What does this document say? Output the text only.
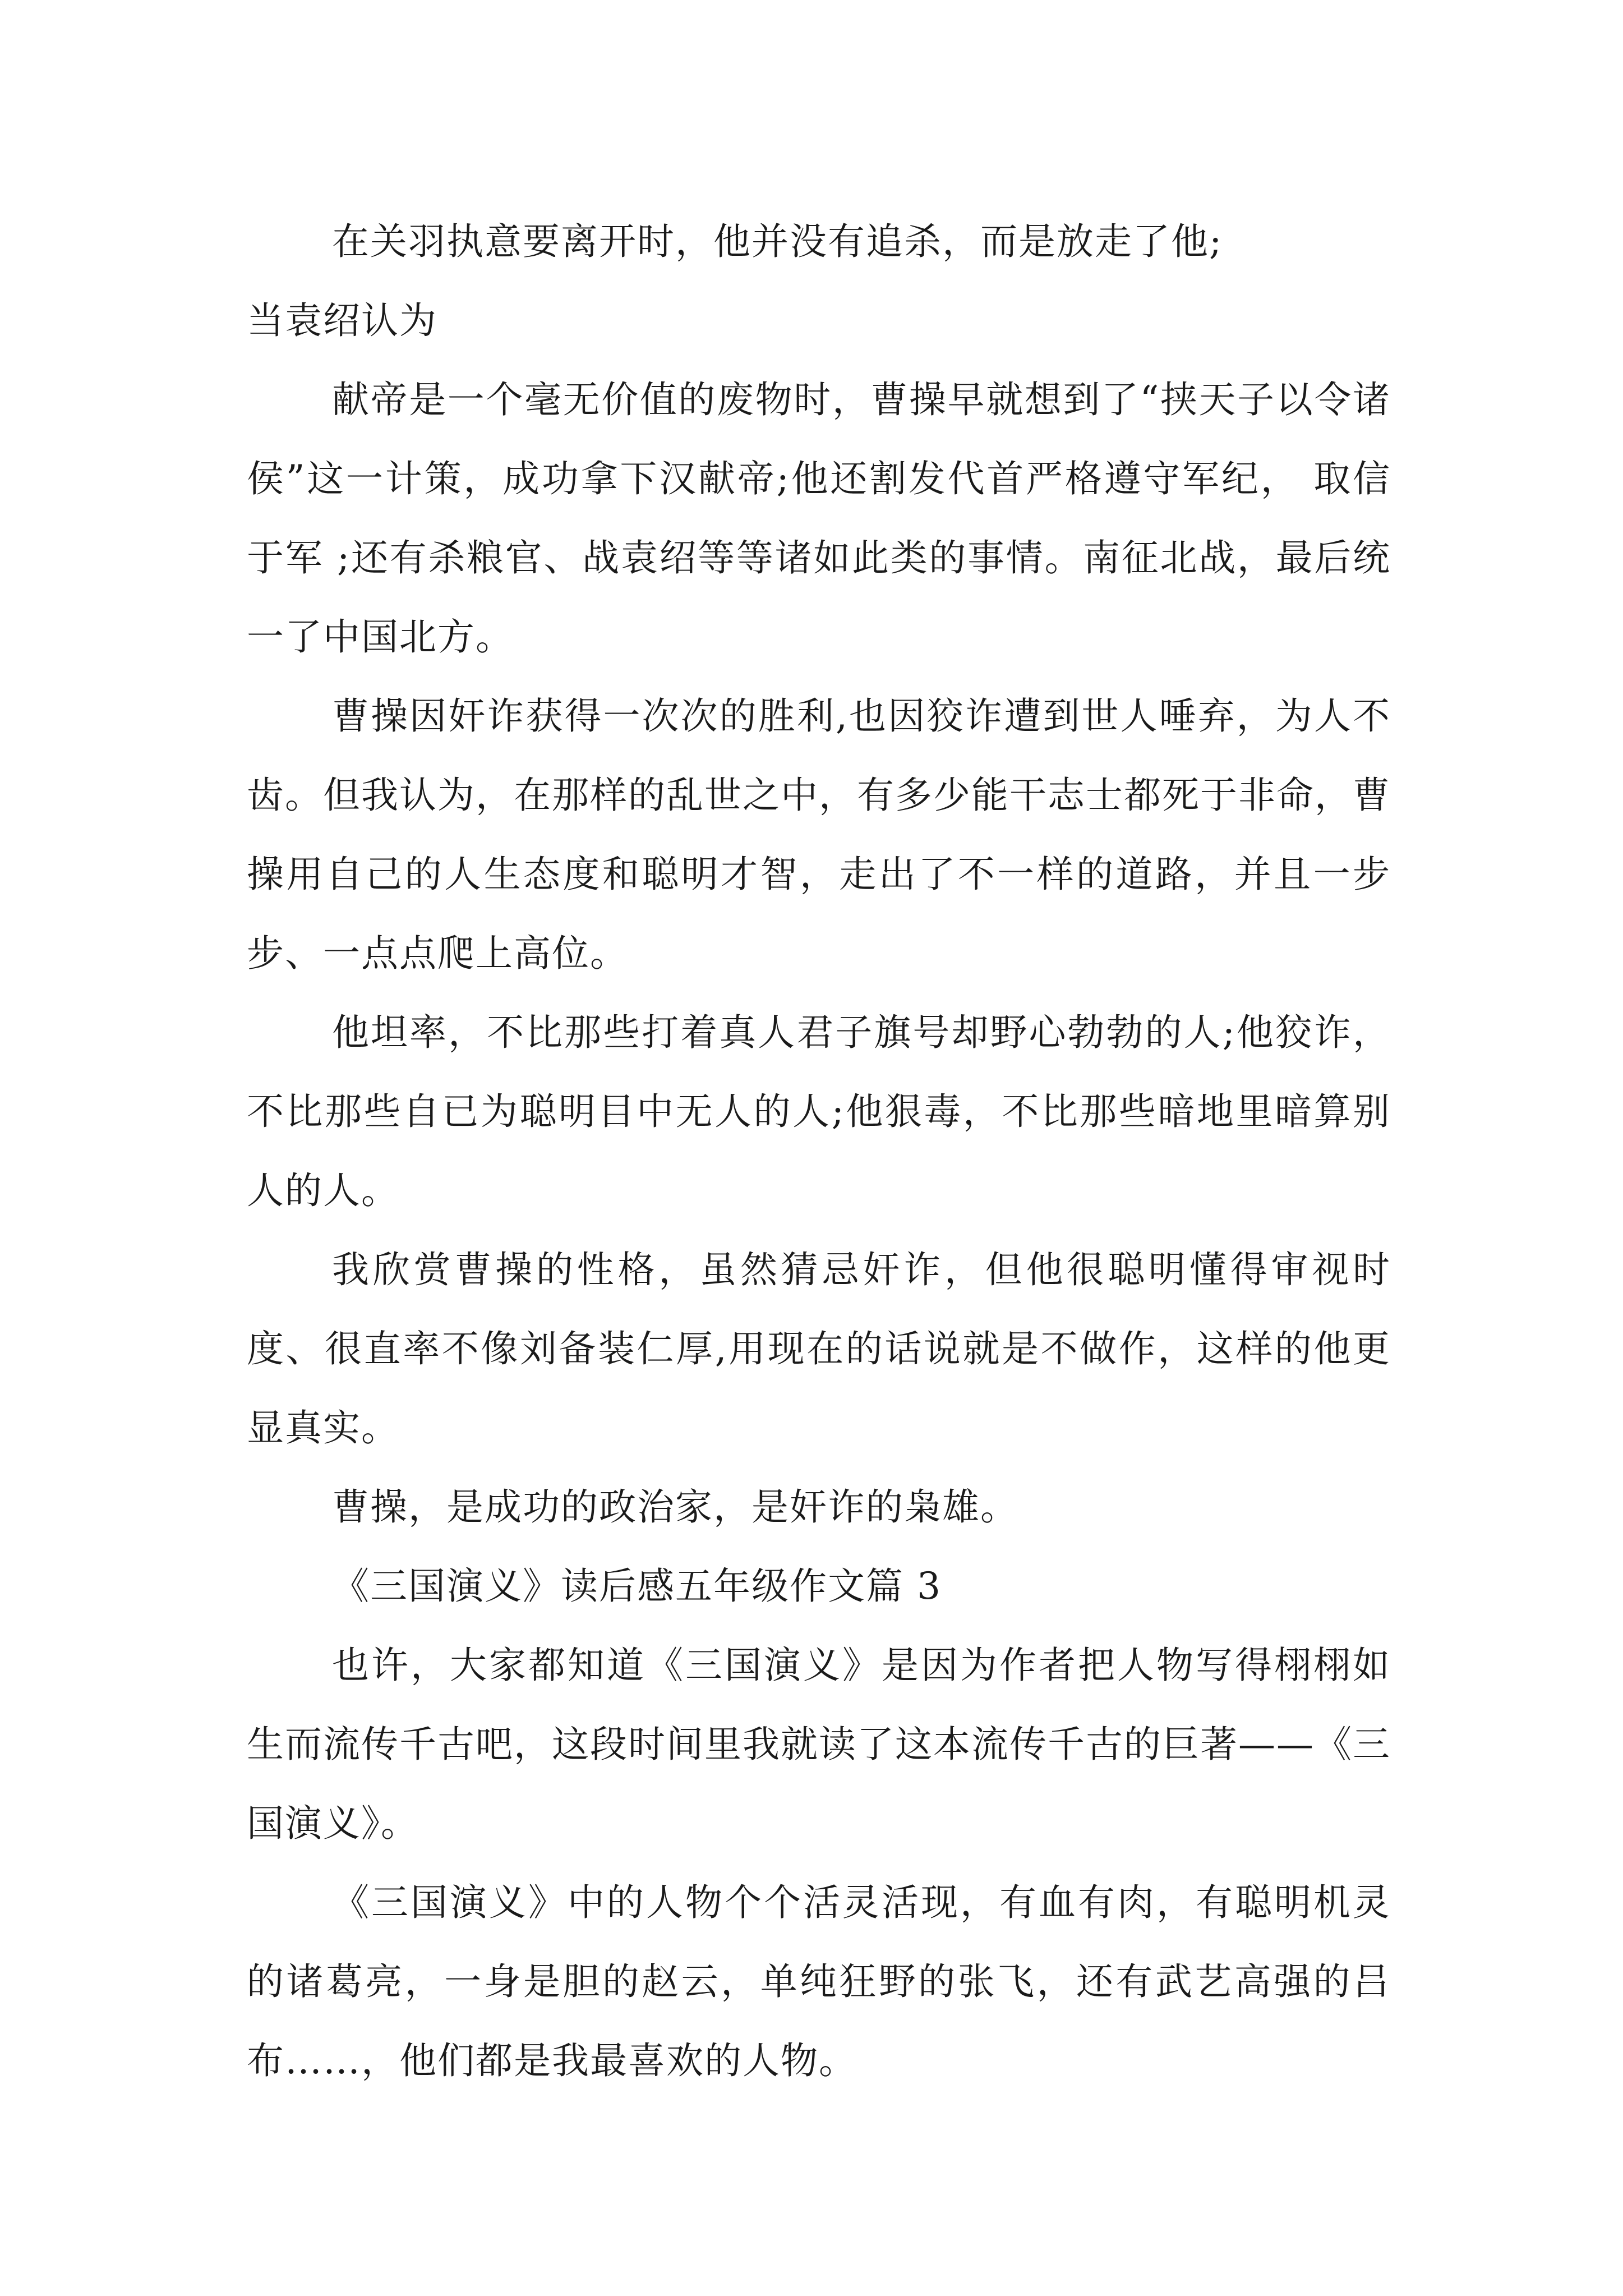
在关羽执意要离开时，他并没有追杀，而是放走了他;

当袁绍认为

献帝是一个毫无价值的废物时，曹操早就想到了“挟天子以令诸侯”这一计策，成功拿下汉献帝;他还割发代首严格遵守军纪， 取信于军 ;还有杀粮官、战袁绍等等诸如此类的事情。南征北战，最后统一了中国北方。

曹操因奸诈获得一次次的胜利,也因狡诈遭到世人唾弃，为人不齿。但我认为，在那样的乱世之中，有多少能干志士都死于非命，曹操用自己的人生态度和聪明才智，走出了不一样的道路，并且一步步、一点点爬上高位。

他坦率，不比那些打着真人君子旗号却野心勃勃的人;他狡诈，不比那些自已为聪明目中无人的人;他狠毒，不比那些暗地里暗算别人的人。

我欣赏曹操的性格，虽然猜忌奸诈，但他很聪明懂得审视时度、很直率不像刘备装仁厚,用现在的话说就是不做作，这样的他更显真实。

曹操，是成功的政治家，是奸诈的枭雄。

《三国演义》读后感五年级作文篇 3

也许，大家都知道《三国演义》是因为作者把人物写得栩栩如生而流传千古吧，这段时间里我就读了这本流传千古的巨著——《三国演义》。

《三国演义》中的人物个个活灵活现，有血有肉，有聪明机灵的诸葛亮，一身是胆的赵云，单纯狂野的张飞，还有武艺高强的吕布……，他们都是我最喜欢的人物。
